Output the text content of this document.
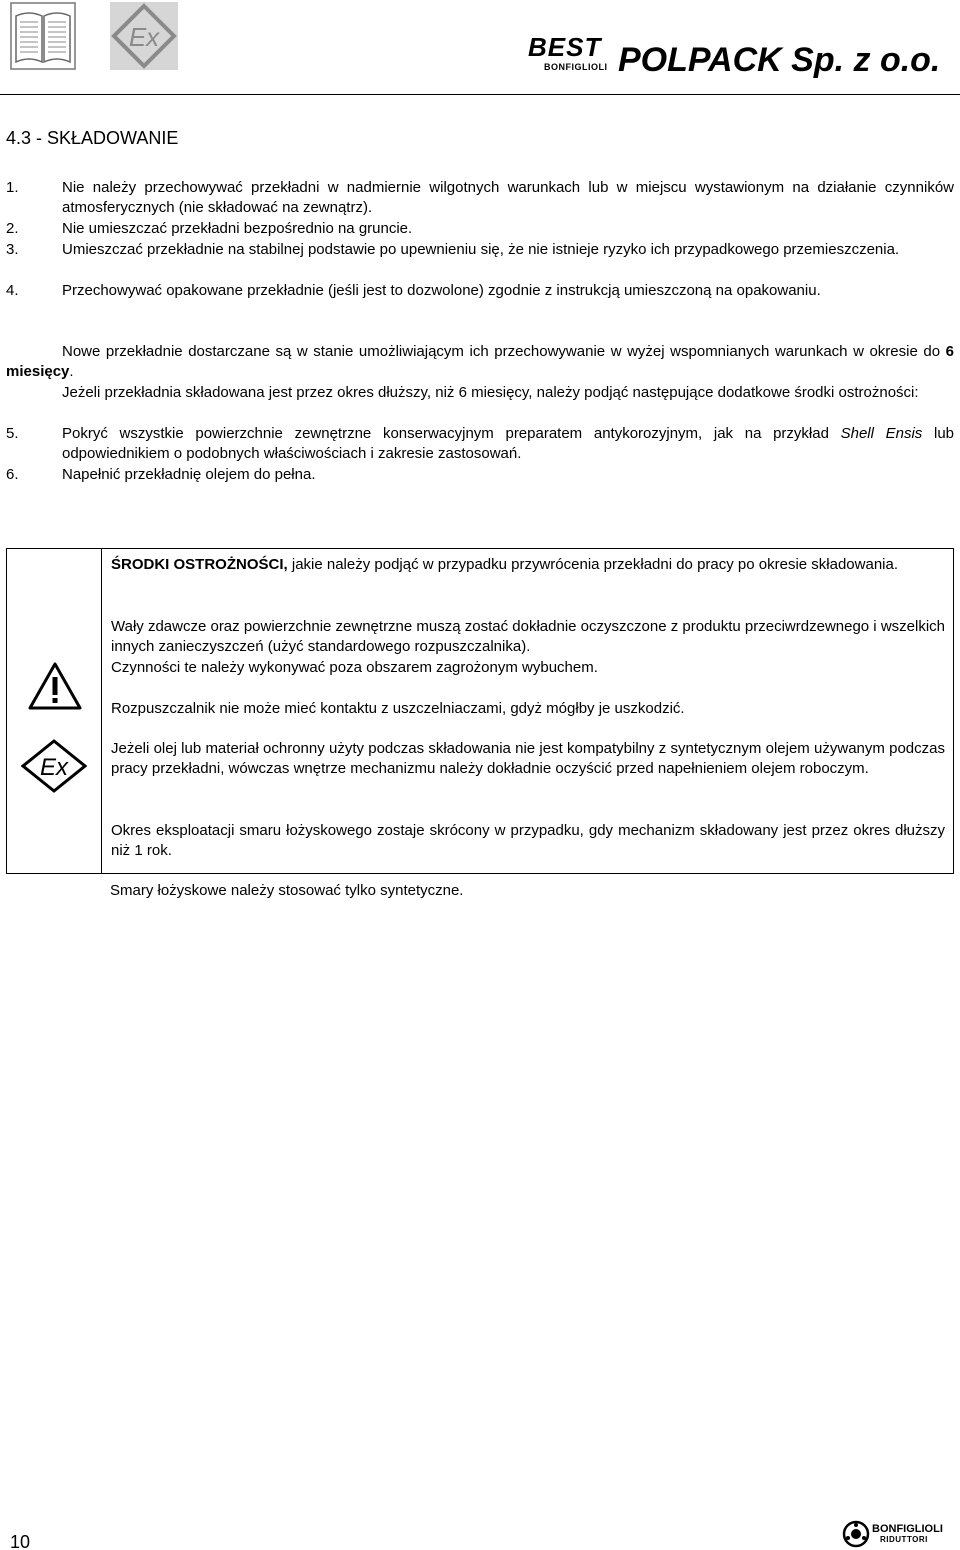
Ex	BEST
BONFIGLIOLI POLPACK Sp. z o.o.
4.3 - SKŁADOWANIE
1.	Nie należy przechowywać przekładni w nadmiernie wilgotnych warunkach lub w miejscu wystawionym na działanie czynników atmosferycznych (nie składować na zewnątrz).
2.	Nie umieszczać przekładni bezpośrednio na gruncie.
3.	Umieszczać przekładnie na stabilnej podstawie po upewnieniu się, że nie istnieje ryzyko ich przypadkowego przemieszczenia.
4.	Przechowywać opakowane przekładnie (jeśli jest to dozwolone) zgodnie z instrukcją umieszczoną na opakowaniu.
Nowe przekładnie dostarczane są w stanie umożliwiającym ich przechowywanie w wyżej wspomnianych warunkach w okresie do 6 miesięcy.
Jeżeli przekładnia składowana jest przez okres dłuższy, niż 6 miesięcy, należy podjąć następujące dodatkowe środki ostrożności:
5.	Pokryć wszystkie powierzchnie zewnętrzne konserwacyjnym preparatem antykorozyjnym, jak na przykład Shell Ensis lub odpowiednikiem o podobnych właściwościach i zakresie zastosowań.
6.	Napełnić przekładnię olejem do pełna.
Ex
ŚRODKI OSTROŻNOŚCI, jakie należy podjąć w przypadku przywrócenia przekładni do pracy po okresie składowania.
Wały zdawcze oraz powierzchnie zewnętrzne muszą zostać dokładnie oczyszczone z produktu przeciwrdzewnego i wszelkich innych zanieczyszczeń (użyć standardowego rozpuszczalnika).
Czynności te należy wykonywać poza obszarem zagrożonym wybuchem.
Rozpuszczalnik nie może mieć kontaktu z uszczelniaczami, gdyż mógłby je uszkodzić.
Jeżeli olej lub materiał ochronny użyty podczas składowania nie jest kompatybilny z syntetycznym olejem używanym podczas pracy przekładni, wówczas wnętrze mechanizmu należy dokładnie oczyścić przed napełnieniem olejem roboczym.
Okres eksploatacji smaru łożyskowego zostaje skrócony w przypadku, gdy mechanizm składowany jest przez okres dłuższy niż 1 rok.
Smary łożyskowe należy stosować tylko syntetyczne.
10
BONFIGLIOLI
RIDUTTORI
